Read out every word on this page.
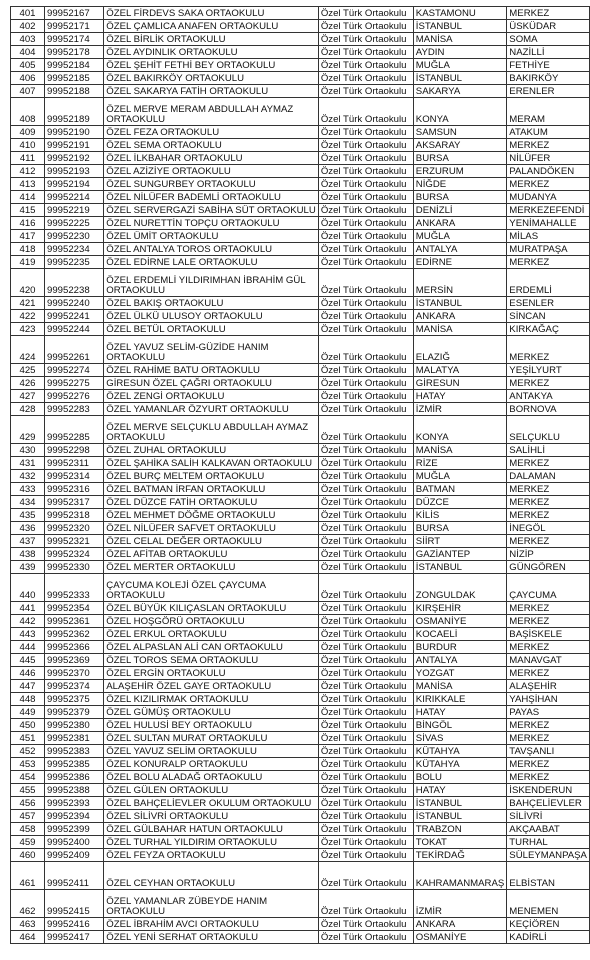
401	99952167	ÖZEL FİRDEVS SAKA ORTAOKULU	Özel Türk Ortaokulu	KASTAMONU	MERKEZ
402	99952171	ÖZEL ÇAMLICA ANAFEN ORTAOKULU	Özel Türk Ortaokulu	İSTANBUL	ÜSKÜDAR
403	99952174	ÖZEL BİRLİK ORTAOKULU	Özel Türk Ortaokulu	MANİSA	SOMA
404	99952178	ÖZEL AYDINLIK ORTAOKULU	Özel Türk Ortaokulu	AYDIN	NAZİLLİ
405	99952184	ÖZEL ŞEHİT FETHİ BEY ORTAOKULU	Özel Türk Ortaokulu	MUĞLA	FETHİYE
406	99952185	ÖZEL BAKIRKÖY ORTAOKULU	Özel Türk Ortaokulu	İSTANBUL	BAKIRKÖY
407	99952188	ÖZEL SAKARYA FATİH ORTAOKULU	Özel Türk Ortaokulu	SAKARYA	ERENLER
408	99952189	ÖZEL MERVE MERAM ABDULLAH AYMAZ ORTAOKULU	Özel Türk Ortaokulu	KONYA	MERAM
409	99952190	ÖZEL FEZA ORTAOKULU	Özel Türk Ortaokulu	SAMSUN	ATAKUM
410	99952191	ÖZEL SEMA ORTAOKULU	Özel Türk Ortaokulu	AKSARAY	MERKEZ
411	99952192	ÖZEL İLKBAHAR ORTAOKULU	Özel Türk Ortaokulu	BURSA	NİLÜFER
412	99952193	ÖZEL AZİZİYE ORTAOKULU	Özel Türk Ortaokulu	ERZURUM	PALANDÖKEN
413	99952194	ÖZEL SUNGURBEY ORTAOKULU	Özel Türk Ortaokulu	NİĞDE	MERKEZ
414	99952214	ÖZEL NİLÜFER BADEMLİ ORTAOKULU	Özel Türk Ortaokulu	BURSA	MUDANYA
415	99952219	ÖZEL SERVERGAZİ SABİHA SÜT ORTAOKULU	Özel Türk Ortaokulu	DENİZLİ	MERKEZEFENDİ
416	99952225	ÖZEL NURETTİN TOPÇU ORTAOKULU	Özel Türk Ortaokulu	ANKARA	YENİMAHALLE
417	99952230	ÖZEL ÜMİT ORTAOKULU	Özel Türk Ortaokulu	MUĞLA	MİLAS
418	99952234	ÖZEL ANTALYA TOROS ORTAOKULU	Özel Türk Ortaokulu	ANTALYA	MURATPAŞA
419	99952235	ÖZEL EDİRNE LALE ORTAOKULU	Özel Türk Ortaokulu	EDİRNE	MERKEZ
420	99952238	ÖZEL ERDEMLİ YILDIRIMHAN İBRAHİM GÜL ORTAOKULU	Özel Türk Ortaokulu	MERSİN	ERDEMLİ
421	99952240	ÖZEL BAKIŞ ORTAOKULU	Özel Türk Ortaokulu	İSTANBUL	ESENLER
422	99952241	ÖZEL ÜLKÜ ULUSOY ORTAOKULU	Özel Türk Ortaokulu	ANKARA	SİNCAN
423	99952244	ÖZEL BETÜL ORTAOKULU	Özel Türk Ortaokulu	MANİSA	KIRKAĞAÇ
424	99952261	ÖZEL YAVUZ SELİM-GÜZİDE HANIM ORTAOKULU	Özel Türk Ortaokulu	ELAZIĞ	MERKEZ
425	99952274	ÖZEL RAHİME BATU ORTAOKULU	Özel Türk Ortaokulu	MALATYA	YEŞİLYURT
426	99952275	GİRESUN ÖZEL ÇAĞRI ORTAOKULU	Özel Türk Ortaokulu	GİRESUN	MERKEZ
427	99952276	ÖZEL ZENGİ ORTAOKULU	Özel Türk Ortaokulu	HATAY	ANTAKYA
428	99952283	ÖZEL YAMANLAR ÖZYURT ORTAOKULU	Özel Türk Ortaokulu	İZMİR	BORNOVA
429	99952285	ÖZEL MERVE SELÇUKLU ABDULLAH AYMAZ ORTAOKULU	Özel Türk Ortaokulu	KONYA	SELÇUKLU
430	99952298	ÖZEL ZUHAL ORTAOKULU	Özel Türk Ortaokulu	MANİSA	SALİHLİ
431	99952311	ÖZEL ŞAHİKA SALİH KALKAVAN ORTAOKULU	Özel Türk Ortaokulu	RİZE	MERKEZ
432	99952314	ÖZEL BURÇ MELTEM ORTAOKULU	Özel Türk Ortaokulu	MUĞLA	DALAMAN
433	99952316	ÖZEL BATMAN İRFAN ORTAOKULU	Özel Türk Ortaokulu	BATMAN	MERKEZ
434	99952317	ÖZEL DÜZCE FATİH ORTAOKULU	Özel Türk Ortaokulu	DÜZCE	MERKEZ
435	99952318	ÖZEL MEHMET DÖĞME ORTAOKULU	Özel Türk Ortaokulu	KİLİS	MERKEZ
436	99952320	ÖZEL NİLÜFER SAFVET ORTAOKULU	Özel Türk Ortaokulu	BURSA	İNEGÖL
437	99952321	ÖZEL CELAL DEĞER ORTAOKULU	Özel Türk Ortaokulu	SİİRT	MERKEZ
438	99952324	ÖZEL AFİTAB ORTAOKULU	Özel Türk Ortaokulu	GAZİANTEP	NİZİP
439	99952330	ÖZEL MERTER ORTAOKULU	Özel Türk Ortaokulu	İSTANBUL	GÜNGÖREN
440	99952333	ÇAYCUMA KOLEJİ ÖZEL ÇAYCUMA ORTAOKULU	Özel Türk Ortaokulu	ZONGULDAK	ÇAYCUMA
441	99952354	ÖZEL BÜYÜK KILIÇASLAN ORTAOKULU	Özel Türk Ortaokulu	KIRŞEHİR	MERKEZ
442	99952361	ÖZEL HOŞGÖRÜ ORTAOKULU	Özel Türk Ortaokulu	OSMANİYE	MERKEZ
443	99952362	ÖZEL ERKUL ORTAOKULU	Özel Türk Ortaokulu	KOCAELİ	BAŞİSKELE
444	99952366	ÖZEL ALPASLAN ALİ CAN ORTAOKULU	Özel Türk Ortaokulu	BURDUR	MERKEZ
445	99952369	ÖZEL TOROS SEMA ORTAOKULU	Özel Türk Ortaokulu	ANTALYA	MANAVGAT
446	99952370	ÖZEL ERGİN ORTAOKULU	Özel Türk Ortaokulu	YOZGAT	MERKEZ
447	99952374	ALAŞEHİR ÖZEL GAYE ORTAOKULU	Özel Türk Ortaokulu	MANİSA	ALAŞEHİR
448	99952375	ÖZEL KIZILIRMAK ORTAOKULU	Özel Türk Ortaokulu	KIRIKKALE	YAHŞİHAN
449	99952379	ÖZEL GÜMÜŞ ORTAOKULU	Özel Türk Ortaokulu	HATAY	PAYAS
450	99952380	ÖZEL HULUSİ BEY ORTAOKULU	Özel Türk Ortaokulu	BİNGÖL	MERKEZ
451	99952381	ÖZEL SULTAN MURAT ORTAOKULU	Özel Türk Ortaokulu	SİVAS	MERKEZ
452	99952383	ÖZEL YAVUZ SELİM ORTAOKULU	Özel Türk Ortaokulu	KÜTAHYA	TAVŞANLI
453	99952385	ÖZEL KONURALP ORTAOKULU	Özel Türk Ortaokulu	KÜTAHYA	MERKEZ
454	99952386	ÖZEL BOLU ALADAĞ ORTAOKULU	Özel Türk Ortaokulu	BOLU	MERKEZ
455	99952388	ÖZEL GÜLEN ORTAOKULU	Özel Türk Ortaokulu	HATAY	İSKENDERUN
456	99952393	ÖZEL BAHÇELİEVLER OKULUM ORTAOKULU	Özel Türk Ortaokulu	İSTANBUL	BAHÇELİEVLER
457	99952394	ÖZEL SİLİVRİ ORTAOKULU	Özel Türk Ortaokulu	İSTANBUL	SİLİVRİ
458	99952399	ÖZEL GÜLBAHAR HATUN ORTAOKULU	Özel Türk Ortaokulu	TRABZON	AKÇAABAT
459	99952400	ÖZEL TURHAL YILDIRIM ORTAOKULU	Özel Türk Ortaokulu	TOKAT	TURHAL
460	99952409	ÖZEL FEYZA ORTAOKULU	Özel Türk Ortaokulu	TEKİRDAĞ	SÜLEYMANPAŞA
461	99952411	ÖZEL CEYHAN ORTAOKULU	Özel Türk Ortaokulu	KAHRAMANMARAŞ	ELBİSTAN
462	99952415	ÖZEL YAMANLAR ZÜBEYDE HANIM ORTAOKULU	Özel Türk Ortaokulu	İZMİR	MENEMEN
463	99952416	ÖZEL İBRAHİM AVCI ORTAOKULU	Özel Türk Ortaokulu	ANKARA	KEÇİÖREN
464	99952417	ÖZEL YENİ SERHAT ORTAOKULU	Özel Türk Ortaokulu	OSMANİYE	KADİRLİ
